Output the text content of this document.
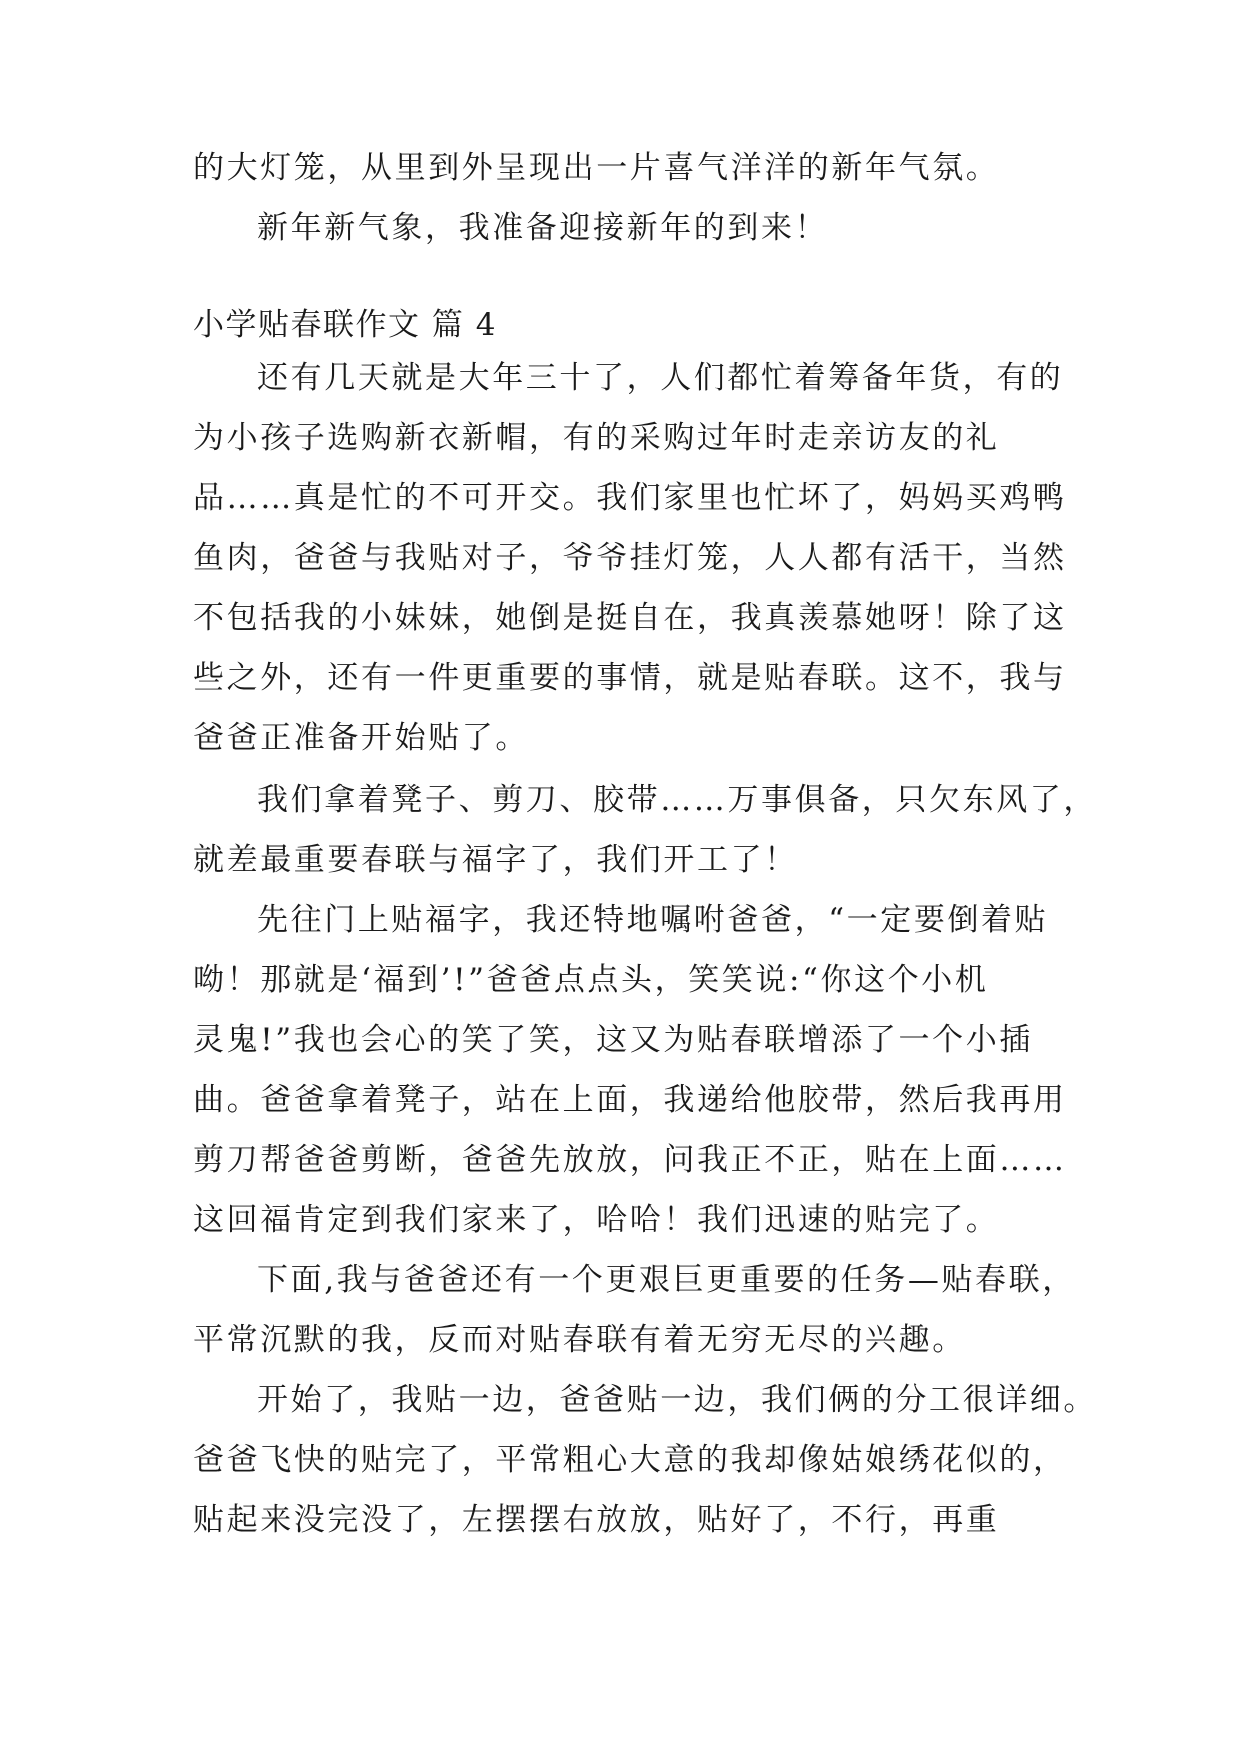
的大灯笼，从里到外呈现出一片喜气洋洋的新年气氛。
新年新气象，我准备迎接新年的到来！
小学贴春联作文 篇 4
还有几天就是大年三十了，人们都忙着筹备年货，有的
为小孩子选购新衣新帽，有的采购过年时走亲访友的礼
品……真是忙的不可开交。我们家里也忙坏了，妈妈买鸡鸭
鱼肉，爸爸与我贴对子，爷爷挂灯笼，人人都有活干，当然
不包括我的小妹妹，她倒是挺自在，我真羡慕她呀！除了这
些之外，还有一件更重要的事情，就是贴春联。这不，我与
爸爸正准备开始贴了。
我们拿着凳子、剪刀、胶带……万事俱备，只欠东风了，
就差最重要春联与福字了，我们开工了！
先往门上贴福字，我还特地嘱咐爸爸，“一定要倒着贴
呦！那就是‘福到’!”爸爸点点头，笑笑说:“你这个小机
灵鬼!”我也会心的笑了笑，这又为贴春联增添了一个小插
曲。爸爸拿着凳子，站在上面，我递给他胶带，然后我再用
剪刀帮爸爸剪断，爸爸先放放，问我正不正，贴在上面……
这回福肯定到我们家来了，哈哈！我们迅速的贴完了。
下面,我与爸爸还有一个更艰巨更重要的任务—贴春联，
平常沉默的我，反而对贴春联有着无穷无尽的兴趣。
开始了，我贴一边，爸爸贴一边，我们俩的分工很详细。
爸爸飞快的贴完了，平常粗心大意的我却像姑娘绣花似的，
贴起来没完没了，左摆摆右放放，贴好了，不行，再重
